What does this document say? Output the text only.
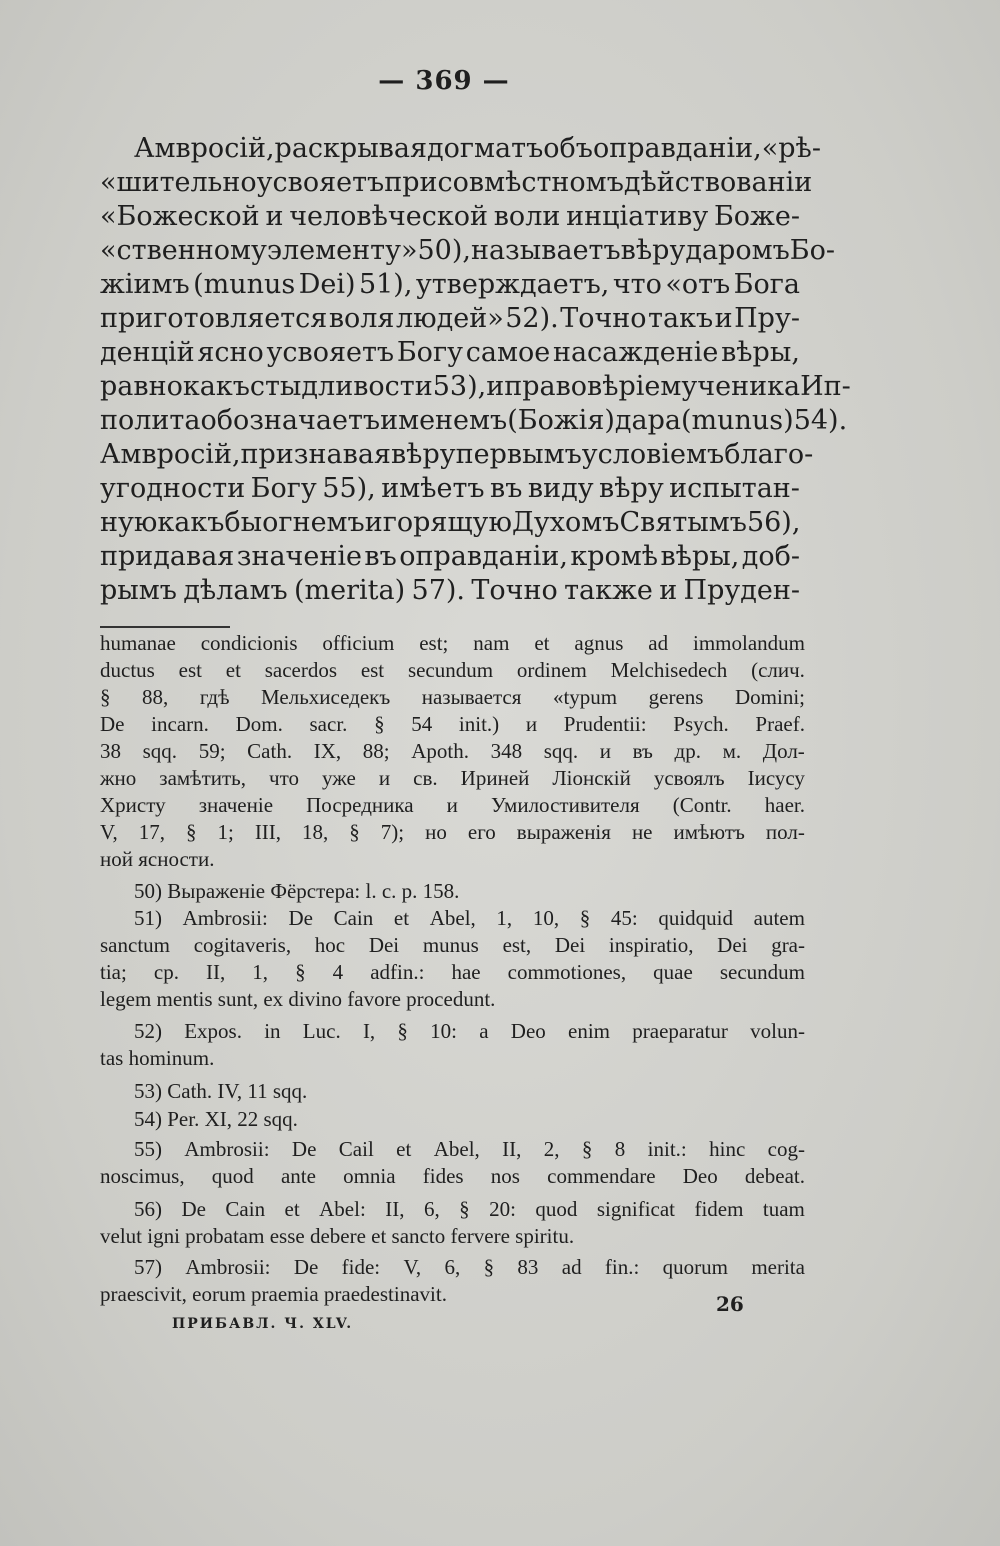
— 369 —
Амвросій, раскрывая догматъ объ оправданіи, «рѣ-
«шительно усвояетъ при совмѣстномъ дѣйствованіи
«Божеской и человѣческой воли инціативу Боже-
«ственному элементу» 50), называетъ вѣру даромъ Бо-
жіимъ (munus Dei) 51), утверждаетъ, что «отъ Бога
приготовляется воля людей» 52). Точно такъ и Пру-
денцій ясно усвояетъ Богу самое насажденіе вѣры,
равно какъ стыдливости 53), и правовѣріе мученика Ип-
полита обозначаетъ именемъ (Божія) дара (munus) 54).
Амвросій, признавая вѣру первымъ условіемъ благо-
угодности Богу 55), имѣетъ въ виду вѣру испытан-
ную какъ бы огнемъ и горящую Духомъ Святымъ 56),
придавая значеніе въ оправданіи, кромѣ вѣры, доб-
рымъ дѣламъ (merita) 57). Точно также и Пруден-
humanae condicionis officium est; nam et agnus ad immolandum
ductus est et sacerdos est secundum ordinem Melchisedech (слич.
§ 88, гдѣ Мельхиседекъ называется «typum gerens Domini;
De incarn. Dom. sacr. § 54 init.) и Prudentii: Psych. Praef.
38 sqq. 59; Cath. IX, 88; Apoth. 348 sqq. и въ др. м. Дол-
жно замѣтить, что уже и св. Ириней Ліонскій усвоялъ Іисусу
Христу значеніе Посредника и Умилостивителя (Contr. haer.
V, 17, § 1; III, 18, § 7); но его выраженія не имѣютъ пол-
ной ясности.
50) Выраженіе Фёрстера: l. c. p. 158.
51) Ambrosii: De Cain et Abel, 1, 10, § 45: quidquid autem
sanctum cogitaveris, hoc Dei munus est, Dei inspiratio, Dei gra-
tia; cp. II, 1, § 4 adfin.: hae commotiones, quae secundum
legem mentis sunt, ex divino favore procedunt.
52) Expos. in Luc. I, § 10: a Deo enim praeparatur volun-
tas hominum.
53) Cath. IV, 11 sqq.
54) Per. XI, 22 sqq.
55) Ambrosii: De Cail et Abel, II, 2, § 8 init.: hinc cog-
noscimus, quod ante omnia fides nos commendare Deo debeat.
56) De Cain et Abel: II, 6, § 20: quod significat fidem tuam
velut igni probatam esse debere et sancto fervere spiritu.
57) Ambrosii: De fide: V, 6, § 83 ad fin.: quorum merita
praescivit, eorum praemia praedestinavit.	26
ПРИБАВЛ. Ч. XLV.
